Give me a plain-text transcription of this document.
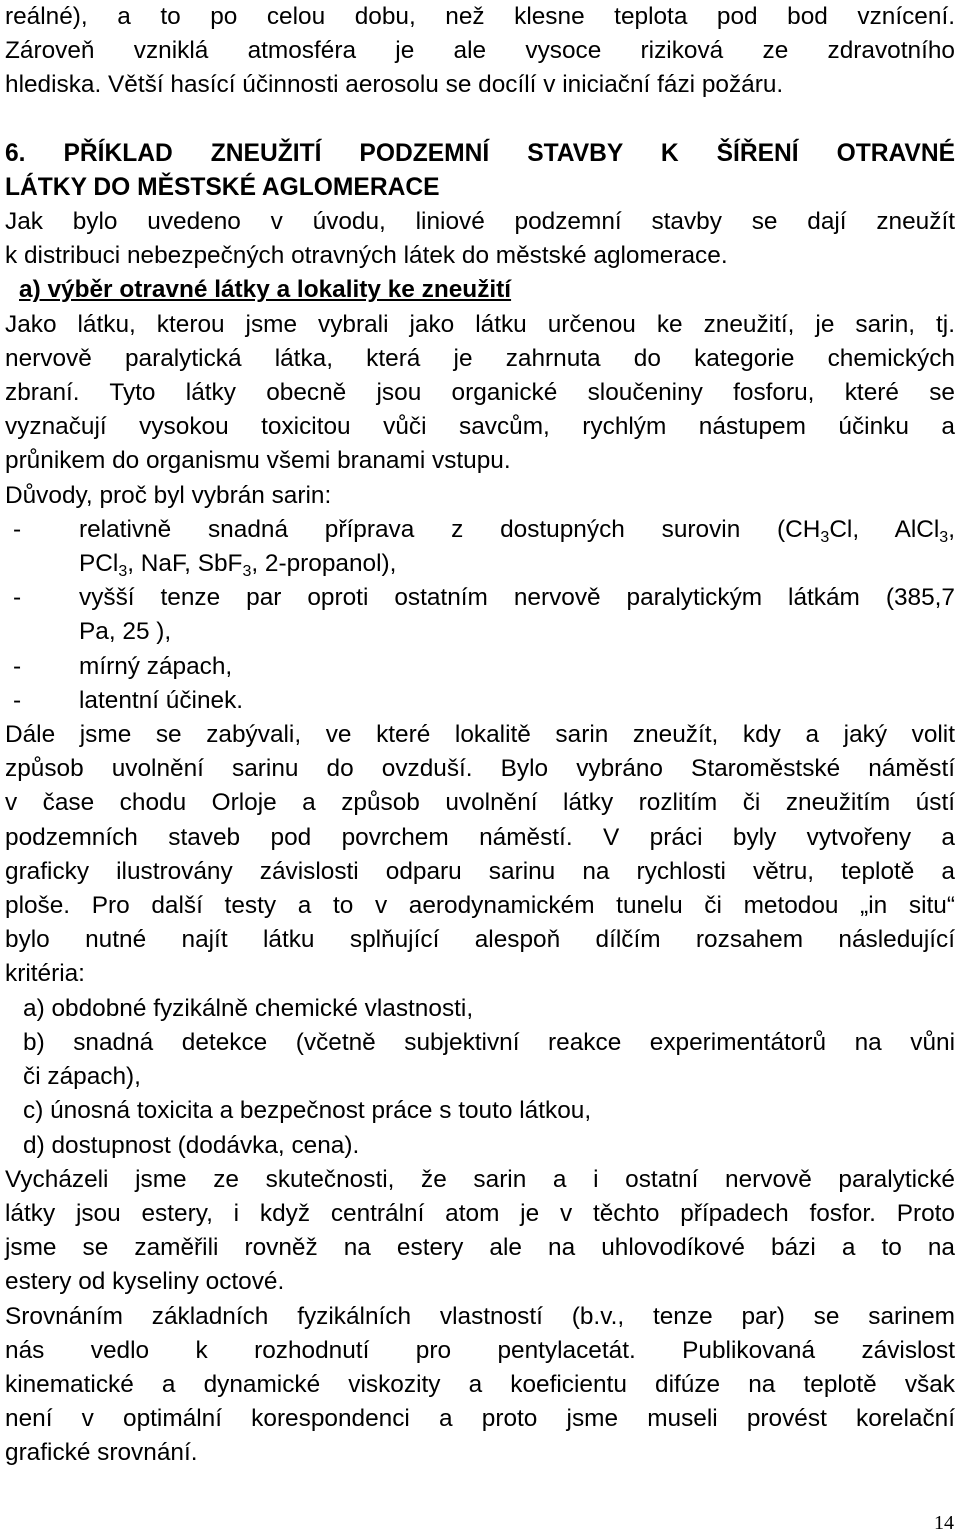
reálné), a to po celou dobu, než klesne teplota pod bod vznícení.

Zároveň vzniklá atmosféra je ale vysoce riziková ze zdravotního

hlediska. Větší hasící účinnosti aerosolu se docílí v iniciační fázi požáru.

6. PŘÍKLAD ZNEUŽITÍ PODZEMNÍ STAVBY K ŠÍŘENÍ OTRAVNÉ

LÁTKY DO MĚSTSKÉ AGLOMERACE

Jak bylo uvedeno v úvodu, liniové podzemní stavby se dají zneužít

k distribuci nebezpečných otravných látek do městské aglomerace.

a) výběr otravné látky a lokality ke zneužití

Jako látku, kterou jsme vybrali jako látku určenou ke zneužití, je sarin, tj.

nervově paralytická látka, která je zahrnuta do kategorie chemických

zbraní. Tyto látky obecně jsou organické sloučeniny fosforu, které se

vyznačují vysokou toxicitou vůči savcům, rychlým nástupem účinku a

průnikem do organismu všemi branami vstupu.

Důvody, proč byl vybrán sarin:

- relativně snadná příprava z dostupných surovin ($CH_3Cl$, AlCl$_3$,
PCl$_3$, NaF, SbF$_3$, 2-propanol),
- vyšší tenze par oproti ostatním nervově paralytickým látkám (385,7
Pa, 25 ),
- mírný zápach,
- latentní účinek.

Dále jsme se zabývali, ve které lokalitě sarin zneužít, kdy a jaký volit

způsob uvolnění sarinu do ovzduší. Bylo vybráno Staroměstské náměstí

v čase chodu Orloje a způsob uvolnění látky rozlitím či zneužitím ústí

podzemních staveb pod povrchem náměstí. V práci byly vytvořeny a

graficky ilustrovány závislosti odparu sarinu na rychlosti větru, teplotě a

ploše. Pro další testy a to v aerodynamickém tunelu či metodou „in situ“

bylo nutné najít látku splňující alespoň dílčím rozsahem následující

kritéria:

a) obdobné fyzikálně chemické vlastnosti,
b) snadná detekce (včetně subjektivní reakce experimentátorů na vůni
či zápach),
c) únosná toxicita a bezpečnost práce s touto látkou,
d) dostupnost (dodávka, cena).

Vycházeli jsme ze skutečnosti, že sarin a i ostatní nervově paralytické

látky jsou estery, i když centrální atom je v těchto případech fosfor. Proto

jsme se zaměřili rovněž na estery ale na uhlovodíkové bázi a to na

estery od kyseliny octové.

Srovnáním základních fyzikálních vlastností (b.v., tenze par) se sarinem

nás vedlo k rozhodnutí pro pentylacetát. Publikovaná závislost

kinematické a dynamické viskozity a koeficientu difúze na teplotě však

není v optimální korespondenci a proto jsme museli provést korelační

grafické srovnání.

14
